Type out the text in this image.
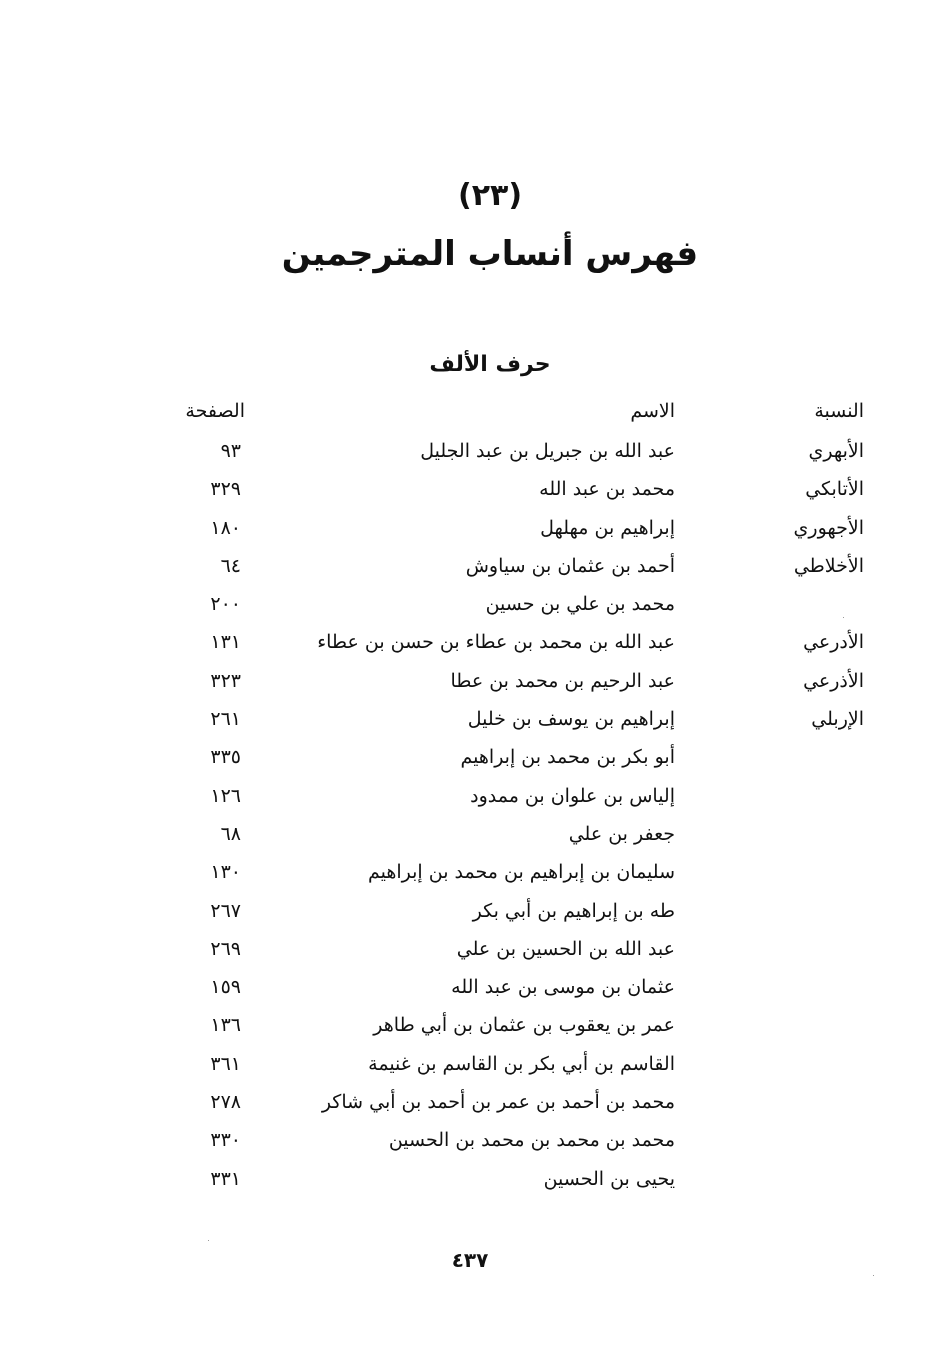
(٢٣)
فهرس أنساب المترجمين
حرف الألف
النسبة
الاسم
الصفحة
الأبهري
عبد الله بن جبريل بن عبد الجليل
٩٣
الأتابكي
محمد بن عبد الله
٣٢٩
الأجهوري
إبراهيم بن مهلهل
١٨٠
الأخلاطي
أحمد بن عثمان بن سياوش
٦٤
محمد بن علي بن حسين
٢٠٠
الأدرعي
عبد الله بن محمد بن عطاء بن حسن بن عطاء
١٣١
الأذرعي
عبد الرحيم بن محمد بن عطا
٣٢٣
الإربلي
إبراهيم بن يوسف بن خليل
٢٦١
أبو بكر بن محمد بن إبراهيم
٣٣٥
إلياس بن علوان بن ممدود
١٢٦
جعفر بن علي
٦٨
سليمان بن إبراهيم بن محمد بن إبراهيم
١٣٠
طه بن إبراهيم بن أبي بكر
٢٦٧
عبد الله بن الحسين بن علي
٢٦٩
عثمان بن موسى بن عبد الله
١٥٩
عمر بن يعقوب بن عثمان بن أبي طاهر
١٣٦
القاسم بن أبي بكر بن القاسم بن غنيمة
٣٦١
محمد بن أحمد بن عمر بن أحمد بن أبي شاكر
٢٧٨
محمد بن محمد بن محمد بن الحسين
٣٣٠
يحيى بن الحسين
٣٣١
٤٣٧
